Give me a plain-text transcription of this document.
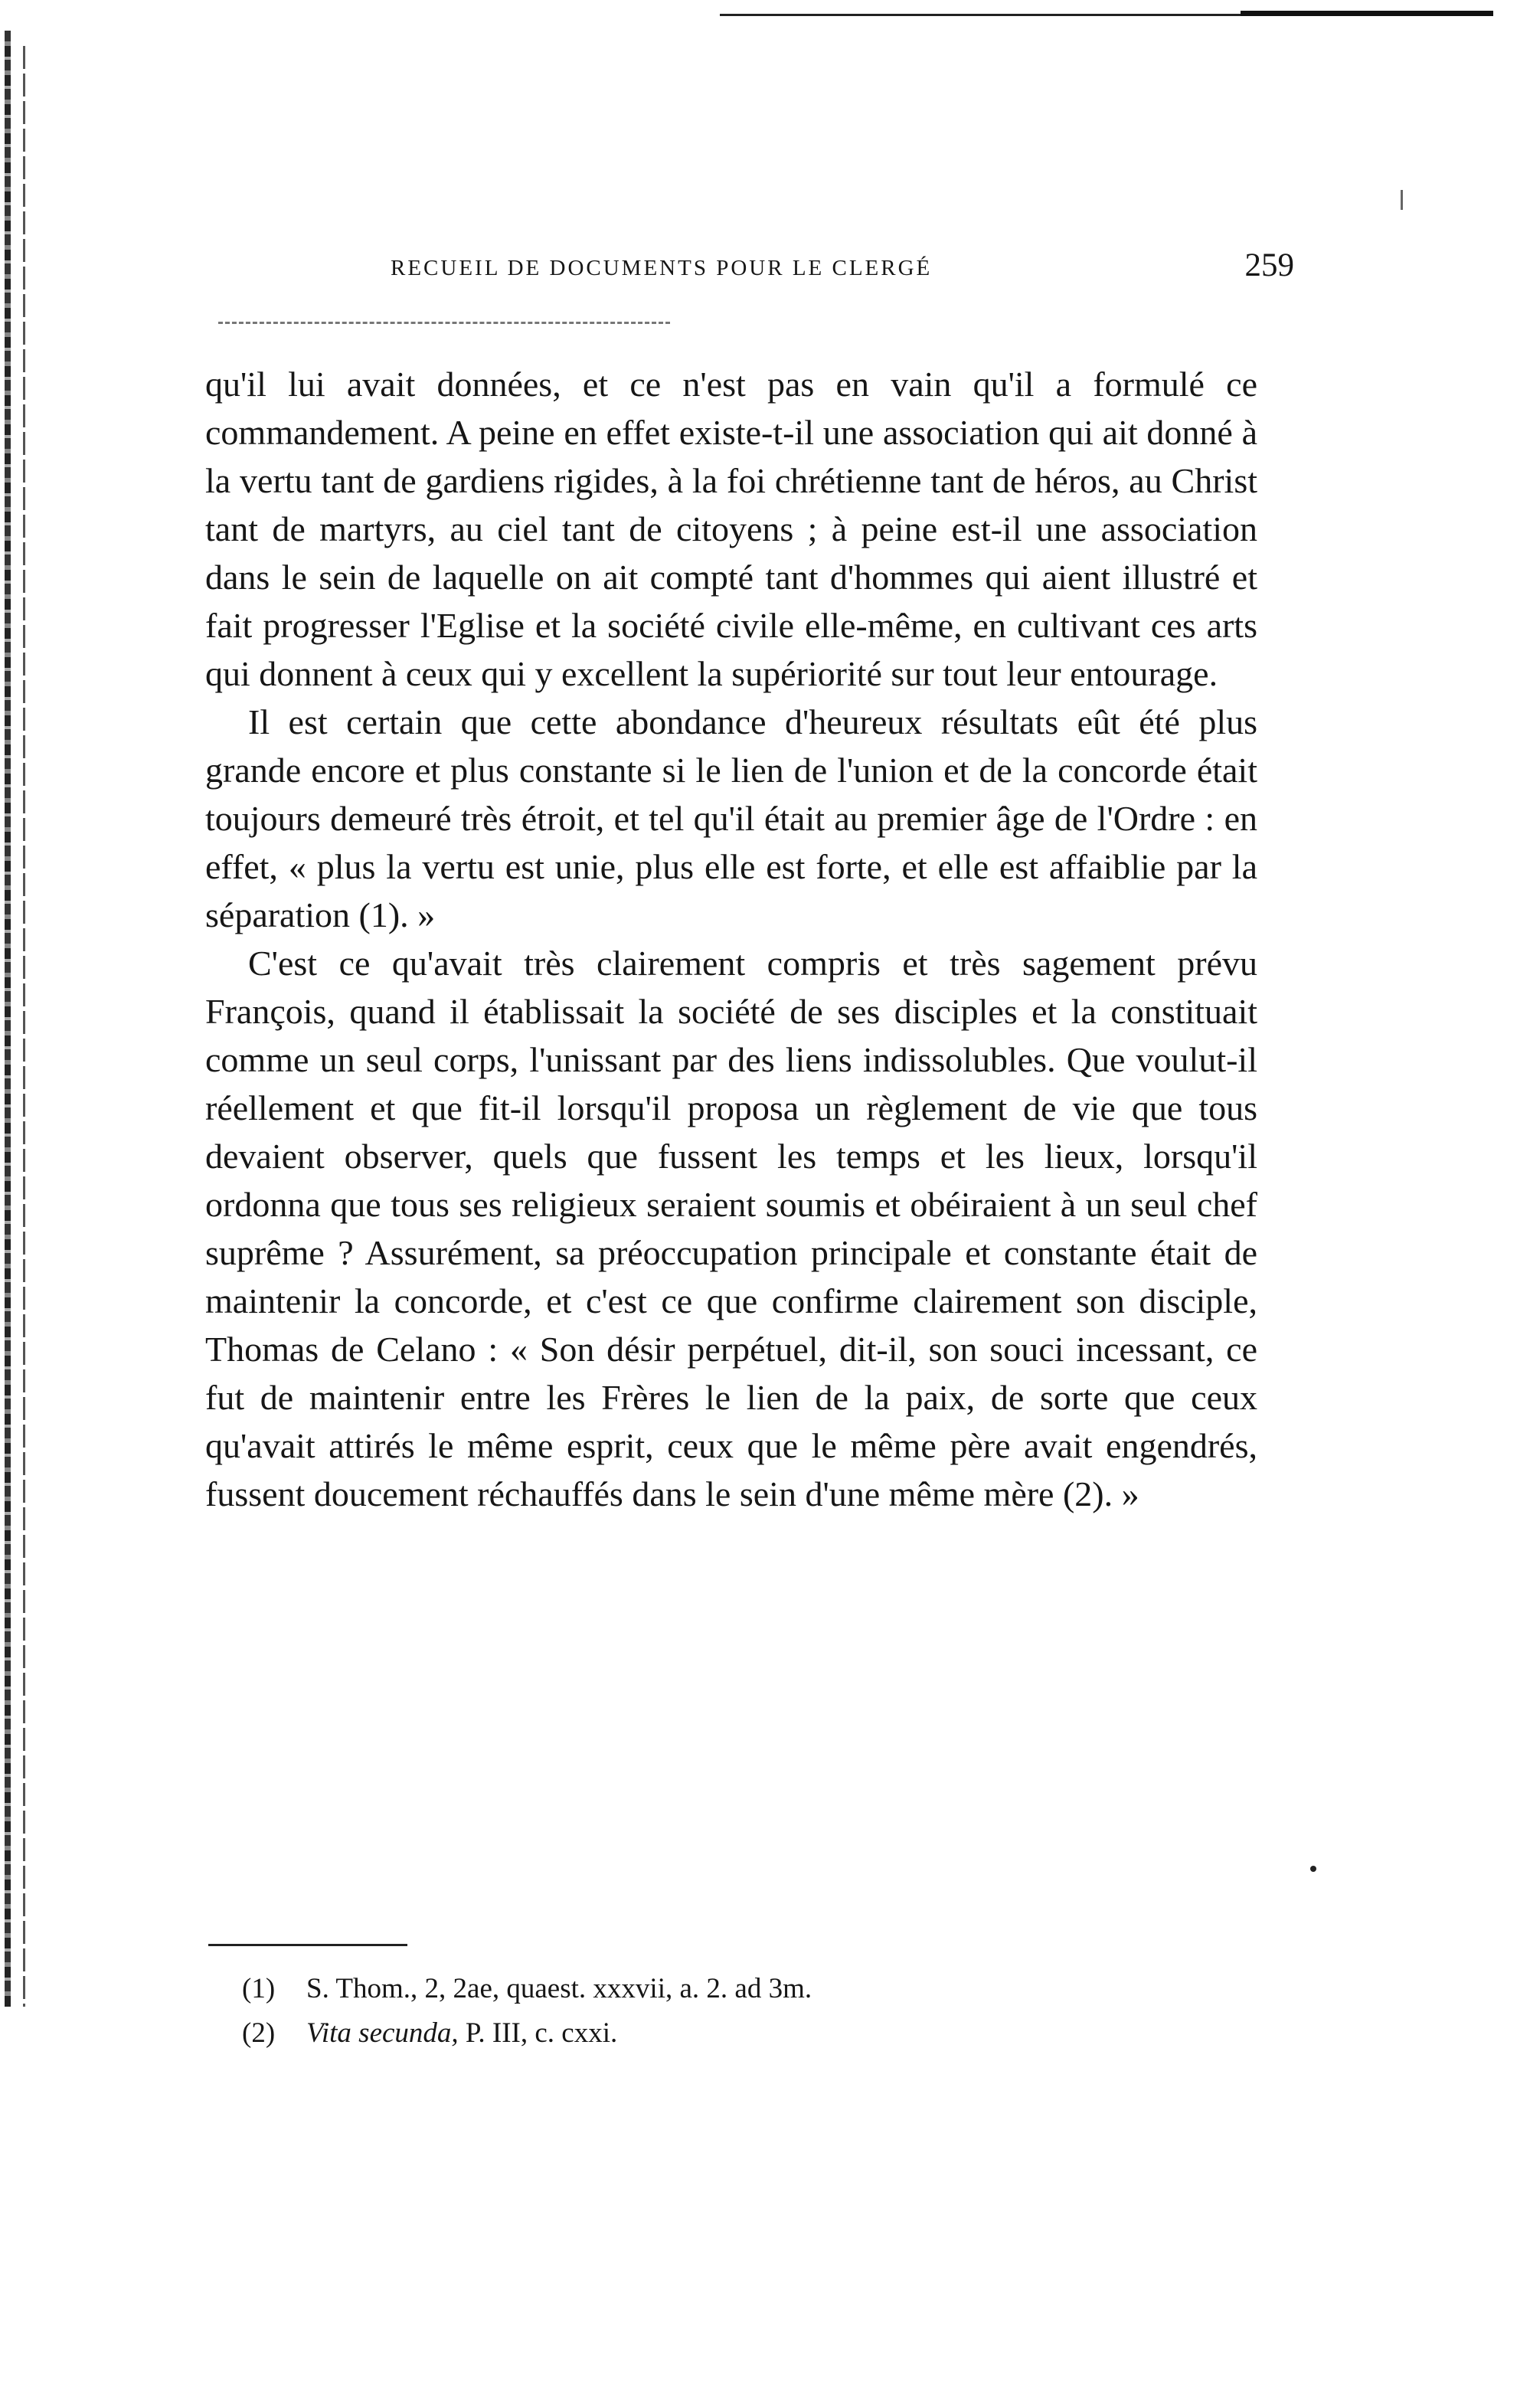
RECUEIL DE DOCUMENTS POUR LE CLERGÉ	259

qu'il lui avait données, et ce n'est pas en vain qu'il a formulé ce commandement. A peine en effet existe-t-il une association qui ait donné à la vertu tant de gardiens rigides, à la foi chrétienne tant de héros, au Christ tant de martyrs, au ciel tant de citoyens ; à peine est-il une association dans le sein de laquelle on ait compté tant d'hommes qui aient illustré et fait progresser l'Eglise et la société civile elle-même, en cultivant ces arts qui donnent à ceux qui y excellent la supériorité sur tout leur entourage.

Il est certain que cette abondance d'heureux résultats eût été plus grande encore et plus constante si le lien de l'union et de la concorde était toujours demeuré très étroit, et tel qu'il était au premier âge de l'Ordre : en effet, « plus la vertu est unie, plus elle est forte, et elle est affaiblie par la séparation (1). »

C'est ce qu'avait très clairement compris et très sagement prévu François, quand il établissait la société de ses disciples et la constituait comme un seul corps, l'unissant par des liens indissolubles. Que voulut-il réellement et que fit-il lorsqu'il proposa un règlement de vie que tous devaient observer, quels que fussent les temps et les lieux, lorsqu'il ordonna que tous ses religieux seraient soumis et obéiraient à un seul chef suprême ? Assurément, sa préoccupation principale et constante était de maintenir la concorde, et c'est ce que confirme clairement son disciple, Thomas de Celano : « Son désir perpétuel, dit-il, son souci incessant, ce fut de maintenir entre les Frères le lien de la paix, de sorte que ceux qu'avait attirés le même esprit, ceux que le même père avait engendrés, fussent doucement réchauffés dans le sein d'une même mère (2). »

(1) S. Thom., 2, 2ae, quaest. xxxvii, a. 2. ad 3m.
(2) Vita secunda, P. III, c. cxxi.
